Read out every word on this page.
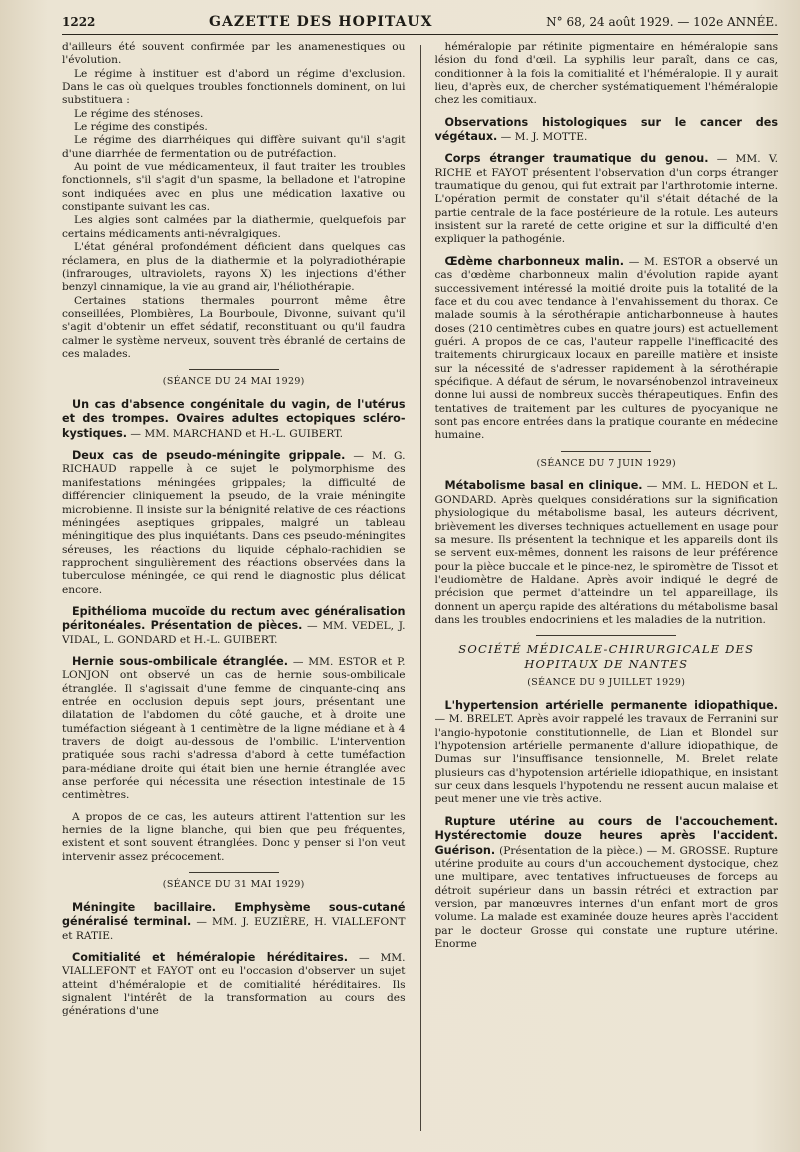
1222	GAZETTE DES HOPITAUX	N° 68, 24 août 1929. — 102e ANNÉE.

d'ailleurs été souvent confirmée par les anamenestiques ou l'évolution.

Le régime à instituer est d'abord un régime d'exclusion. Dans le cas où quelques troubles fonctionnels dominent, on lui substituera :

Le régime des sténoses.

Le régime des constipés.

Le régime des diarrhéiques qui diffère suivant qu'il s'agit d'une diarrhée de fermentation ou de putréfaction.

Au point de vue médicamenteux, il faut traiter les troubles fonctionnels, s'il s'agit d'un spasme, la belladone et l'atropine sont indiquées avec en plus une médication laxative ou constipante suivant les cas.

Les algies sont calmées par la diathermie, quelquefois par certains médicaments anti-névralgiques.

L'état général profondément déficient dans quelques cas réclamera, en plus de la diathermie et la polyradiothérapie (infrarouges, ultraviolets, rayons X) les injections d'éther benzyl cinnamique, la vie au grand air, l'héliothérapie.

Certaines stations thermales pourront même être conseillées, Plombières, La Bourboule, Divonne, suivant qu'il s'agit d'obtenir un effet sédatif, reconstituant ou qu'il faudra calmer le système nerveux, souvent très ébranlé de certains de ces malades.

(SÉANCE DU 24 MAI 1929)

Un cas d'absence congénitale du vagin, de l'utérus et des trompes. Ovaires adultes ectopiques scléro-kystiques. — MM. MARCHAND et H.-L. GUIBERT.

Deux cas de pseudo-méningite grippale. — M. G. RICHAUD rappelle à ce sujet le polymorphisme des manifestations méningées grippales; la difficulté de différencier cliniquement la pseudo, de la vraie méningite microbienne. Il insiste sur la bénignité relative de ces réactions méningées aseptiques grippales, malgré un tableau méningitique des plus inquiétants. Dans ces pseudo-méningites séreuses, les réactions du liquide céphalo-rachidien se rapprochent singulièrement des réactions observées dans la tuberculose méningée, ce qui rend le diagnostic plus délicat encore.

Epithélioma mucoïde du rectum avec généralisation péritonéales. Présentation de pièces. — MM. VEDEL, J. VIDAL, L. GONDARD et H.-L. GUIBERT.

Hernie sous-ombilicale étranglée. — MM. ESTOR et P. LONJON ont observé un cas de hernie sous-ombilicale étranglée. Il s'agissait d'une femme de cinquante-cinq ans entrée en occlusion depuis sept jours, présentant une dilatation de l'abdomen du côté gauche, et à droite une tuméfaction siégeant à 1 centimètre de la ligne médiane et à 4 travers de doigt au-dessous de l'ombilic. L'intervention pratiquée sous rachi s'adressa d'abord à cette tuméfaction para-médiane droite qui était bien une hernie étranglée avec anse perforée qui nécessita une résection intestinale de 15 centimètres.

A propos de ce cas, les auteurs attirent l'attention sur les hernies de la ligne blanche, qui bien que peu fréquentes, existent et sont souvent étranglées. Donc y penser si l'on veut intervenir assez précocement.

(SÉANCE DU 31 MAI 1929)

Méningite bacillaire. Emphysème sous-cutané généralisé terminal. — MM. J. EUZIÈRE, H. VIALLEFONT et RATIE.

Comitialité et héméralopie héréditaires. — MM. VIALLEFONT et FAYOT ont eu l'occasion d'observer un sujet atteint d'héméralopie et de comitialité héréditaires. Ils signalent l'intérêt de la transformation au cours des générations d'une

héméralopie par rétinite pigmentaire en héméralopie sans lésion du fond d'œil. La syphilis leur paraît, dans ce cas, conditionner à la fois la comitialité et l'héméralopie. Il y aurait lieu, d'après eux, de chercher systématiquement l'héméralopie chez les comitiaux.

Observations histologiques sur le cancer des végétaux. — M. J. MOTTE.

Corps étranger traumatique du genou. — MM. V. RICHE et FAYOT présentent l'observation d'un corps étranger traumatique du genou, qui fut extrait par l'arthrotomie interne. L'opération permit de constater qu'il s'était détaché de la partie centrale de la face postérieure de la rotule. Les auteurs insistent sur la rareté de cette origine et sur la difficulté d'en expliquer la pathogénie.

Œdème charbonneux malin. — M. ESTOR a observé un cas d'œdème charbonneux malin d'évolution rapide ayant successivement intéressé la moitié droite puis la totalité de la face et du cou avec tendance à l'envahissement du thorax. Ce malade soumis à la sérothérapie anticharbonneuse à hautes doses (210 centimètres cubes en quatre jours) est actuellement guéri. A propos de ce cas, l'auteur rappelle l'inefficacité des traitements chirurgicaux locaux en pareille matière et insiste sur la nécessité de s'adresser rapidement à la sérothérapie spécifique. A défaut de sérum, le novarsénobenzol intraveineux donne lui aussi de nombreux succès thérapeutiques. Enfin des tentatives de traitement par les cultures de pyocyanique ne sont pas encore entrées dans la pratique courante en médecine humaine.

(SÉANCE DU 7 JUIN 1929)

Métabolisme basal en clinique. — MM. L. HEDON et L. GONDARD. Après quelques considérations sur la signification physiologique du métabolisme basal, les auteurs décrivent, brièvement les diverses techniques actuellement en usage pour sa mesure. Ils présentent la technique et les appareils dont ils se servent eux-mêmes, donnent les raisons de leur préférence pour la pièce buccale et le pince-nez, le spiromètre de Tissot et l'eudiomètre de Haldane. Après avoir indiqué le degré de précision que permet d'atteindre un tel appareillage, ils donnent un aperçu rapide des altérations du métabolisme basal dans les troubles endocriniens et les maladies de la nutrition.

SOCIÉTÉ MÉDICALE-CHIRURGICALE DES HOPITAUX DE NANTES
(SÉANCE DU 9 JUILLET 1929)

L'hypertension artérielle permanente idiopathique. — M. BRELET. Après avoir rappelé les travaux de Ferranini sur l'angio-hypotonie constitutionnelle, de Lian et Blondel sur l'hypotension artérielle permanente d'allure idiopathique, de Dumas sur l'insuffisance tensionnelle, M. Brelet relate plusieurs cas d'hypotension artérielle idiopathique, en insistant sur ceux dans lesquels l'hypotendu ne ressent aucun malaise et peut mener une vie très active.

Rupture utérine au cours de l'accouchement. Hystérectomie douze heures après l'accident. Guérison. (Présentation de la pièce.) — M. GROSSE. Rupture utérine produite au cours d'un accouchement dystocique, chez une multipare, avec tentatives infructueuses de forceps au détroit supérieur dans un bassin rétréci et extraction par version, par manœuvres internes d'un enfant mort de gros volume. La malade est examinée douze heures après l'accident par le docteur Grosse qui constate une rupture utérine. Enorme
